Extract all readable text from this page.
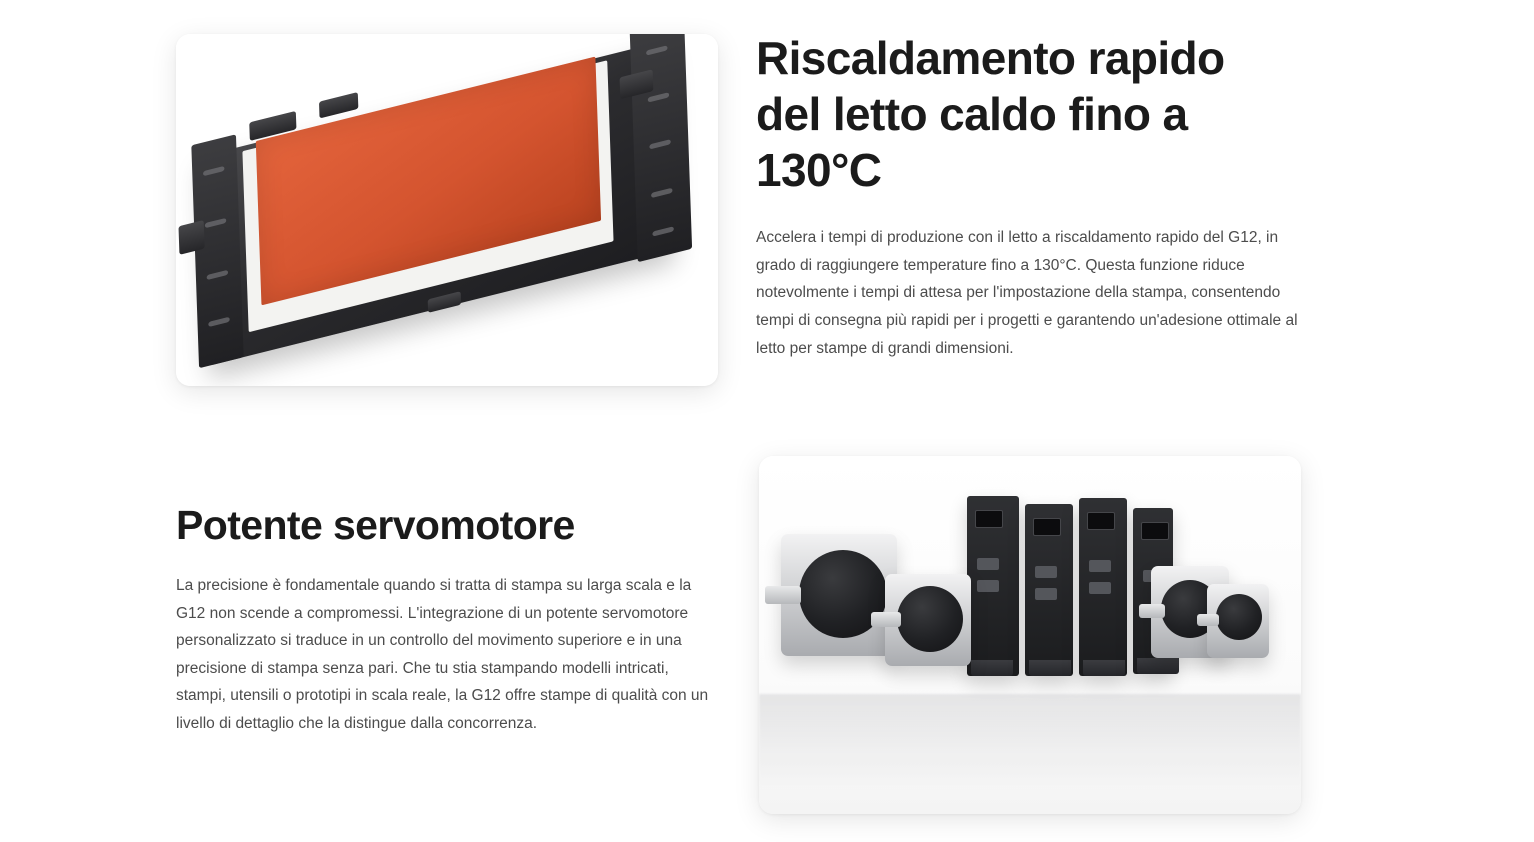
Riscaldamento rapido del letto caldo fino a 130°C

Accelera i tempi di produzione con il letto a riscaldamento rapido del G12, in grado di raggiungere temperature fino a 130°C. Questa funzione riduce notevolmente i tempi di attesa per l'impostazione della stampa, consentendo tempi di consegna più rapidi per i progetti e garantendo un'adesione ottimale al letto per stampe di grandi dimensioni.

Potente servomotore

La precisione è fondamentale quando si tratta di stampa su larga scala e la G12 non scende a compromessi. L'integrazione di un potente servomotore personalizzato si traduce in un controllo del movimento superiore e in una precisione di stampa senza pari. Che tu stia stampando modelli intricati, stampi, utensili o prototipi in scala reale, la G12 offre stampe di qualità con un livello di dettaglio che la distingue dalla concorrenza.
